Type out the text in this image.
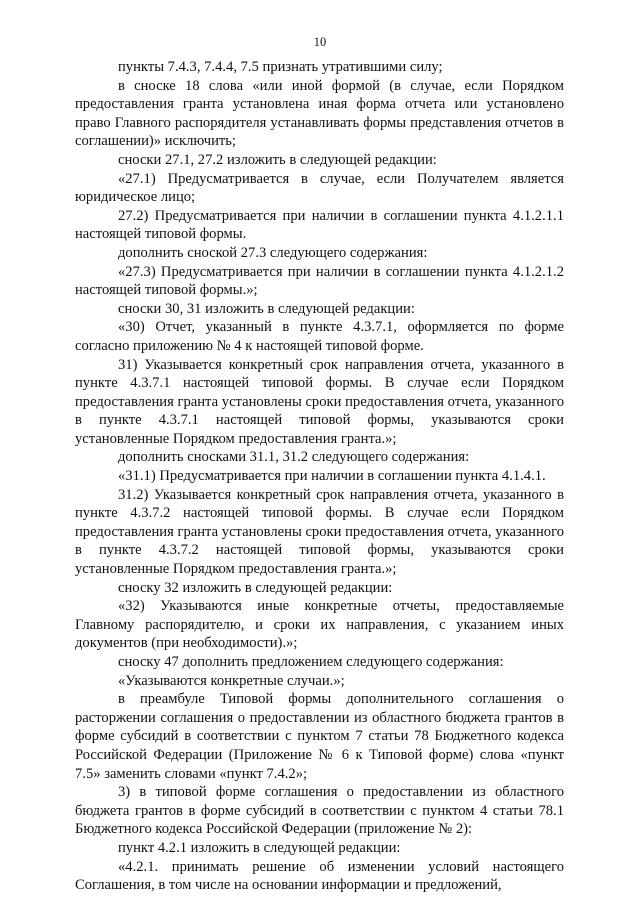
10

пункты 7.4.3, 7.4.4, 7.5 признать утратившими силу;

в сноске 18 слова «или иной формой (в случае, если Порядком предоставления гранта установлена иная форма отчета или установлено право Главного распорядителя устанавливать формы представления отчетов в соглашении)» исключить;

сноски 27.1, 27.2 изложить в следующей редакции:

«27.1) Предусматривается в случае, если Получателем является юридическое лицо;

27.2) Предусматривается при наличии в соглашении пункта 4.1.2.1.1 настоящей типовой формы.

дополнить сноской 27.3 следующего содержания:

«27.3) Предусматривается при наличии в соглашении пункта 4.1.2.1.2 настоящей типовой формы.»;

сноски 30, 31 изложить в следующей редакции:

«30) Отчет, указанный в пункте 4.3.7.1, оформляется по форме согласно приложению № 4 к настоящей типовой форме.

31) Указывается конкретный срок направления отчета, указанного в пункте 4.3.7.1 настоящей типовой формы. В случае если Порядком предоставления гранта установлены сроки предоставления отчета, указанного в пункте 4.3.7.1 настоящей типовой формы, указываются сроки установленные Порядком предоставления гранта.»;

дополнить сносками 31.1, 31.2 следующего содержания:

«31.1) Предусматривается при наличии в соглашении пункта 4.1.4.1.

31.2) Указывается конкретный срок направления отчета, указанного в пункте 4.3.7.2 настоящей типовой формы. В случае если Порядком предоставления гранта установлены сроки предоставления отчета, указанного в пункте 4.3.7.2 настоящей типовой формы, указываются сроки установленные Порядком предоставления гранта.»;

сноску 32 изложить в следующей редакции:

«32) Указываются иные конкретные отчеты, предоставляемые Главному распорядителю, и сроки их направления, с указанием иных документов (при необходимости).»;

сноску 47 дополнить предложением следующего содержания:

«Указываются конкретные случаи.»;

в преамбуле Типовой формы дополнительного соглашения о расторжении соглашения о предоставлении из областного бюджета грантов в форме субсидий в соответствии с пунктом 7 статьи 78 Бюджетного кодекса Российской Федерации (Приложение № 6 к Типовой форме) слова «пункт 7.5» заменить словами «пункт 7.4.2»;

3) в типовой форме соглашения о предоставлении из областного бюджета грантов в форме субсидий в соответствии с пунктом 4 статьи 78.1 Бюджетного кодекса Российской Федерации (приложение № 2):

пункт 4.2.1 изложить в следующей редакции:

«4.2.1. принимать решение об изменении условий настоящего Соглашения, в том числе на основании информации и предложений,
